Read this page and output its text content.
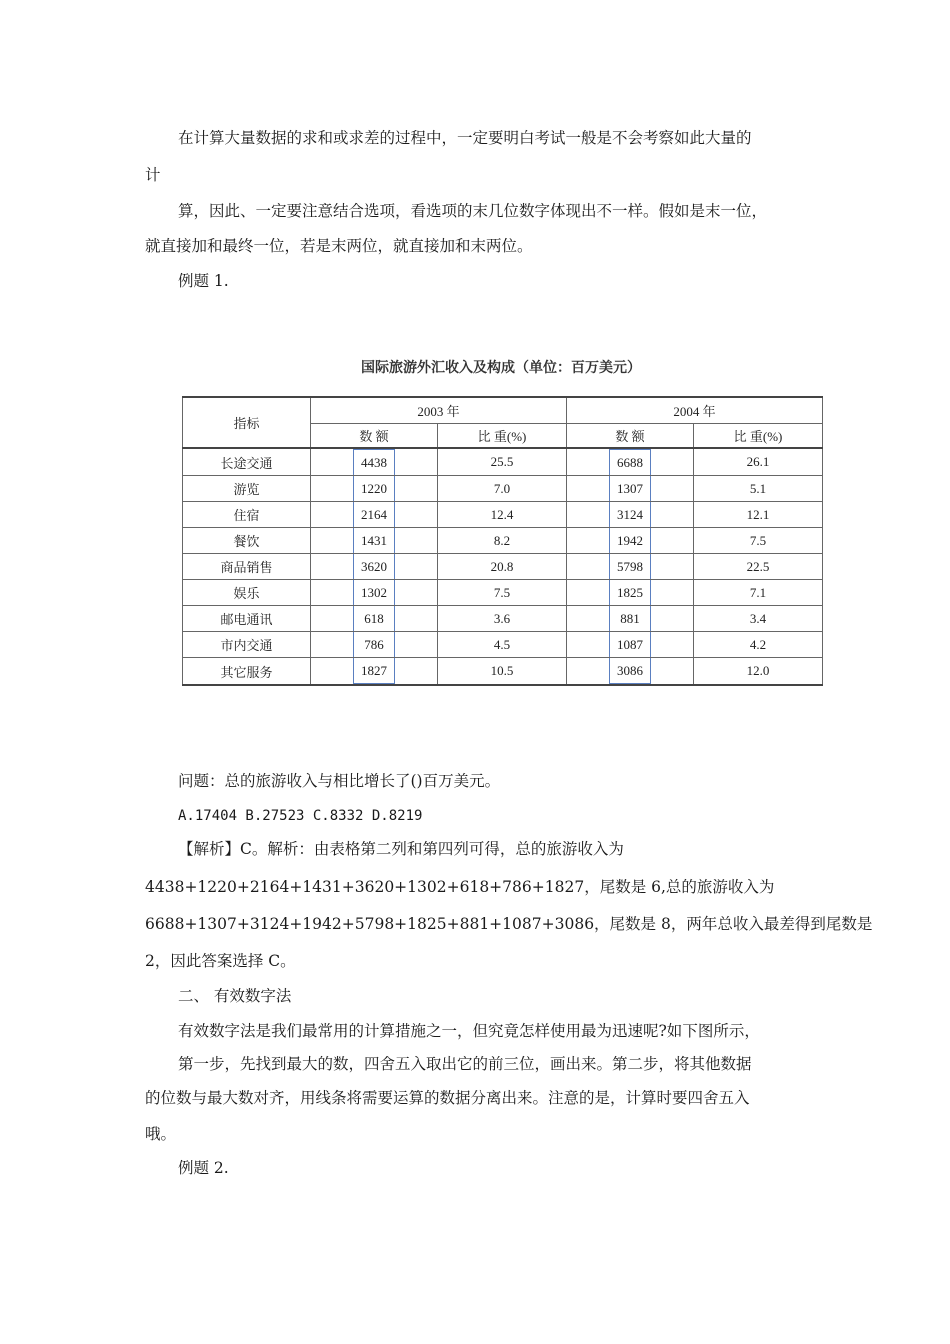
在计算大量数据的求和或求差的过程中，一定要明白考试一般是不会考察如此大量的
计
算，因此、一定要注意结合选项，看选项的末几位数字体现出不一样。假如是末一位，
就直接加和最终一位，若是末两位，就直接加和末两位。
例题 1.
国际旅游外汇收入及构成（单位：百万美元）
指标	2003 年		2004 年	
	数 额	比 重(%)	数 额	比 重(%)
长途交通	4438	25.5	6688	26.1
游览	1220	7.0	1307	5.1
住宿	2164	12.4	3124	12.1
餐饮	1431	8.2	1942	7.5
商品销售	3620	20.8	5798	22.5
娱乐	1302	7.5	1825	7.1
邮电通讯	618	3.6	881	3.4
市内交通	786	4.5	1087	4.2
其它服务	1827	10.5	3086	12.0
问题：总的旅游收入与相比增长了()百万美元。
A.17404 B.27523 C.8332 D.8219
【解析】C。解析：由表格第二列和第四列可得，总的旅游收入为
4438+1220+2164+1431+3620+1302+618+786+1827，尾数是 6,总的旅游收入为
6688+1307+3124+1942+5798+1825+881+1087+3086，尾数是 8，两年总收入最差得到尾数是
2，因此答案选择 C。
二、 有效数字法
有效数字法是我们最常用的计算措施之一，但究竟怎样使用最为迅速呢?如下图所示，
第一步，先找到最大的数，四舍五入取出它的前三位，画出来。第二步，将其他数据
的位数与最大数对齐，用线条将需要运算的数据分离出来。注意的是，计算时要四舍五入
哦。
例题 2.
